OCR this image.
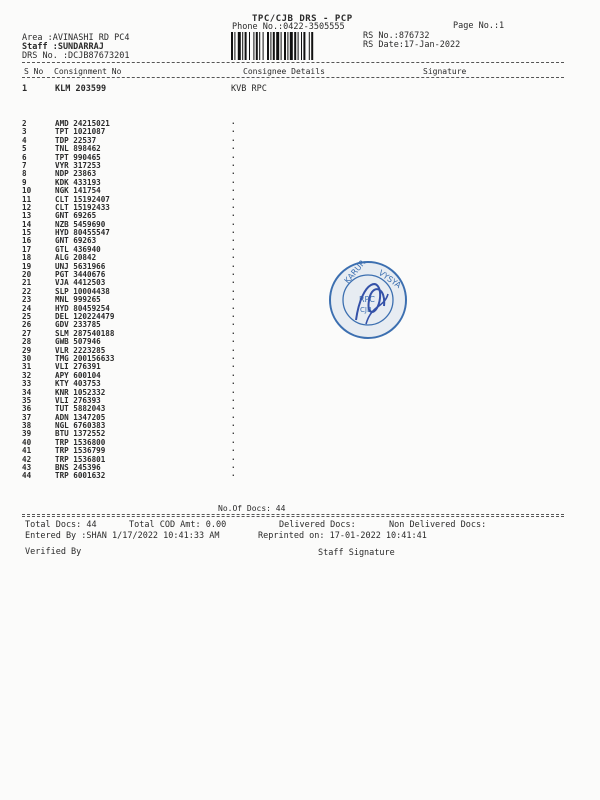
TPC/CJB DRS - PCP
Phone No.:0422-3505555	Page No.:1
Area :AVINASHI RD PC4
Staff :SUNDARRAJ
DRS No. :DCJB87673201
RS No.:876732
RS Date:17-Jan-2022
S No Consignment No	Consignee Details	Signature
1	KLM 203599	KVB RPC
2	AMD 24215021	·
3	TPT 1021087	·
4	TDP 22537	·
5	TNL 898462	·
6	TPT 990465	·
7	VYR 317253	·
8	NDP 23863	·
9	KDK 433193	·
10	NGK 141754	·
11	CLT 15192407	·
12	CLT 15192433	·
13	GNT 69265	·
14	NZB 5459690	·
15	HYD 80455547	·
16	GNT 69263	·
17	GTL 436940	·
18	ALG 20842	·
19	UNJ 5631966	·
20	PGT 3440676	·
21	VJA 4412503	·
22	SLP 10004438	·
23	MNL 999265	·
24	HYD 80459254	·
25	DEL 120224479	·
26	GDV 233785	·
27	SLM 287540188	·
28	GWB 507946	·
29	VLR 2223285	·
30	TMG 200156633	·
31	VLI 276391	·
32	APY 600104	·
33	KTY 403753	·
34	KNR 1052332	·
35	VLI 276393	·
36	TUT 5882043	·
37	ADN 1347205	·
38	NGL 6760383	·
39	BTU 1372552	·
40	TRP 1536800	·
41	TRP 1536799	·
42	TRP 1536801	·
43	BNS 245396	·
44	TRP 6001632	·
No.Of Docs: 44
Total Docs: 44	Total COD Amt: 0.00	Delivered Docs:	Non Delivered Docs:
Entered By :SHAN 1/17/2022 10:41:33 AM	Reprinted on: 17-01-2022 10:41:41
Verified By	Staff Signature
KARUR VYSYA
RPC
CJB
